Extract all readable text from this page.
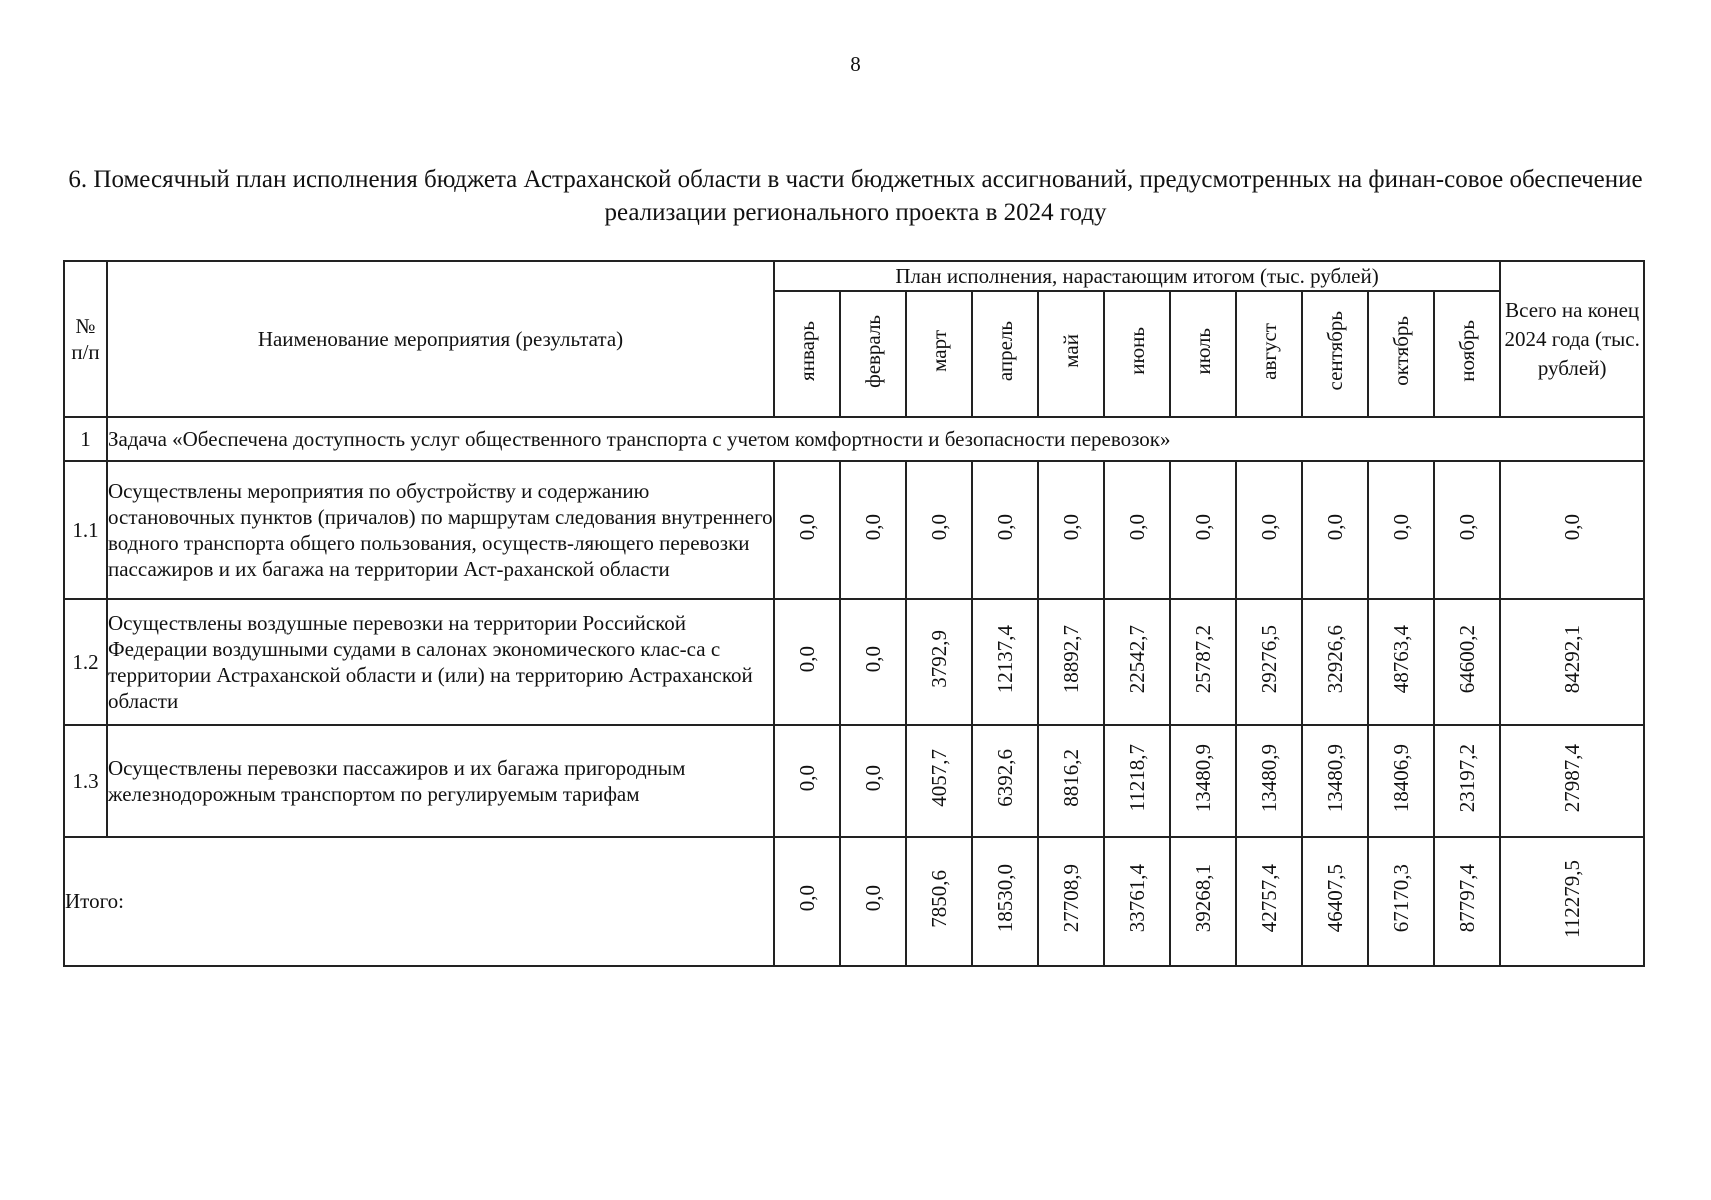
8
6. Помесячный план исполнения бюджета Астраханской области в части бюджетных ассигнований, предусмотренных на финан-совое обеспечение реализации регионального проекта в 2024 году
№ п/п	Наименование мероприятия (результата)	План исполнения, нарастающим итогом (тыс. рублей)											Всего на конец 2024 года (тыс. рублей)
		январь	февраль	март	апрель	май	июнь	июль	август	сентябрь	октябрь	ноябрь	
1	Задача «Обеспечена доступность услуг общественного транспорта с учетом комфортности и безопасности перевозок»												
1.1	Осуществлены мероприятия по обустройству и содержанию остановочных пунктов (причалов) по маршрутам следования внутреннего водного транспорта общего пользования, осуществ-ляющего перевозки пассажиров и их багажа на территории Аст-раханской области	0,0	0,0	0,0	0,0	0,0	0,0	0,0	0,0	0,0	0,0	0,0	0,0
1.2	Осуществлены воздушные перевозки на территории Российской Федерации воздушными судами в салонах экономического клас-са с территории Астраханской области и (или) на территорию Астраханской области	0,0	0,0	3792,9	12137,4	18892,7	22542,7	25787,2	29276,5	32926,6	48763,4	64600,2	84292,1
1.3	Осуществлены перевозки пассажиров и их багажа пригородным железнодорожным транспортом по регулируемым тарифам	0,0	0,0	4057,7	6392,6	8816,2	11218,7	13480,9	13480,9	13480,9	18406,9	23197,2	27987,4
Итого:		0,0	0,0	7850,6	18530,0	27708,9	33761,4	39268,1	42757,4	46407,5	67170,3	87797,4	112279,5
